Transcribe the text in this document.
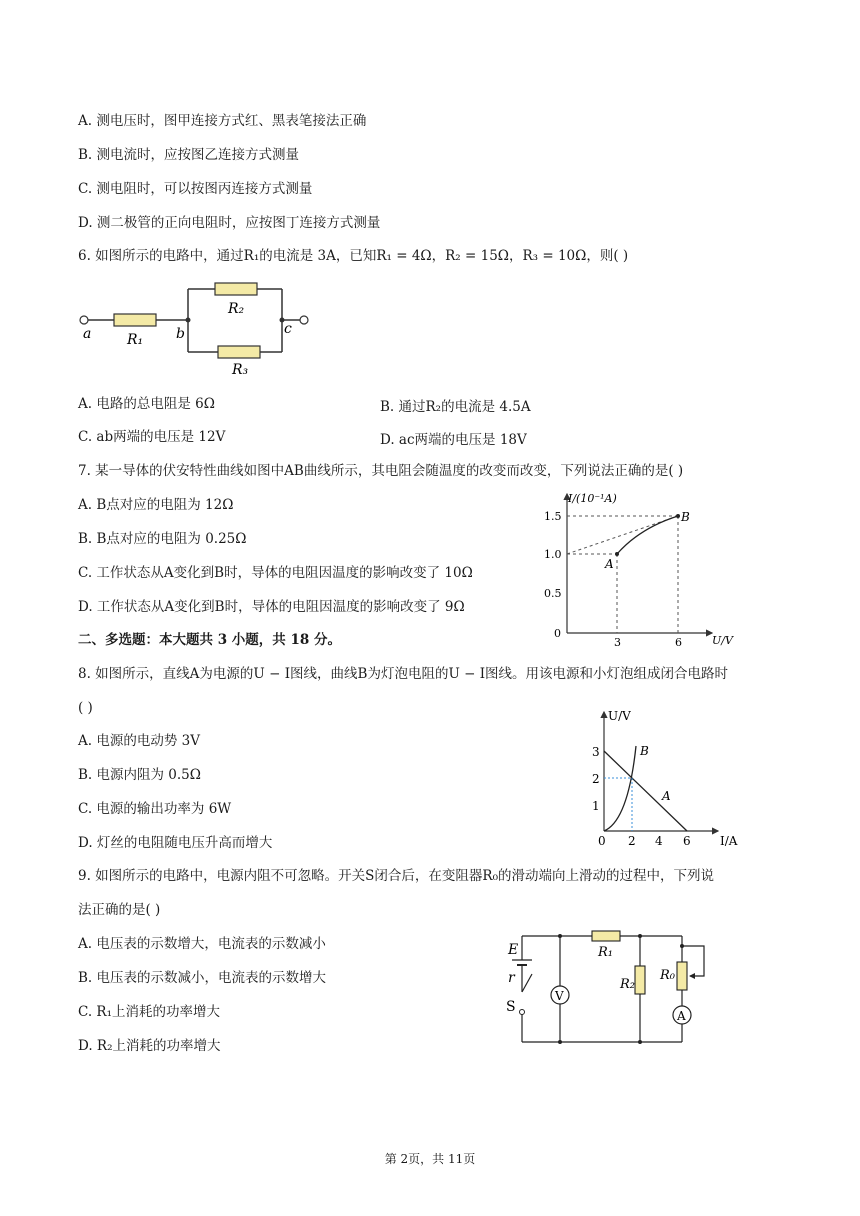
A. 测电压时，图甲连接方式红、黑表笔接法正确
B. 测电流时，应按图乙连接方式测量
C. 测电阻时，可以按图丙连接方式测量
D. 测二极管的正向电阻时，应按图丁连接方式测量
6. 如图所示的电路中，通过R₁的电流是 3A，已知R₁ = 4Ω，R₂ = 15Ω，R₃ = 10Ω，则( )
a	R₁ b
R₂
c
R₃
A. 电路的总电阻是 6Ω	B. 通过R₂的电流是 4.5A
C. ab两端的电压是 12V	D. ac两端的电压是 18V
7. 某一导体的伏安特性曲线如图中AB曲线所示，其电阻会随温度的改变而改变，下列说法正确的是( )
A. B点对应的电阻为 12Ω
B. B点对应的电阻为 0.25Ω
C. 工作状态从A变化到B时，导体的电阻因温度的影响改变了 10Ω
D. 工作状态从A变化到B时，导体的电阻因温度的影响改变了 9Ω
I/(10⁻¹A)
U/V
1.5
1.0
0.5
0
3	6
A
B
二、多选题：本大题共 3 小题，共 18 分。
8. 如图所示，直线A为电源的U − I图线，曲线B为灯泡电阻的U − I图线。用该电源和小灯泡组成闭合电路时
( )
A. 电源的电动势 3V
B. 电源内阻为 0.5Ω
C. 电源的输出功率为 6W
D. 灯丝的电阻随电压升高而增大
U/V
I/A
3
2
1
0 2 4 6
B
A
9. 如图所示的电路中，电源内阻不可忽略。开关S闭合后，在变阻器R₀的滑动端向上滑动的过程中，下列说
法正确的是( )
A. 电压表的示数增大，电流表的示数减小
B. 电压表的示数减小，电流表的示数增大
C. R₁上消耗的功率增大
D. R₂上消耗的功率增大
E
r
S
V
A
R₁
R₂
R₀
第 2页，共 11页
